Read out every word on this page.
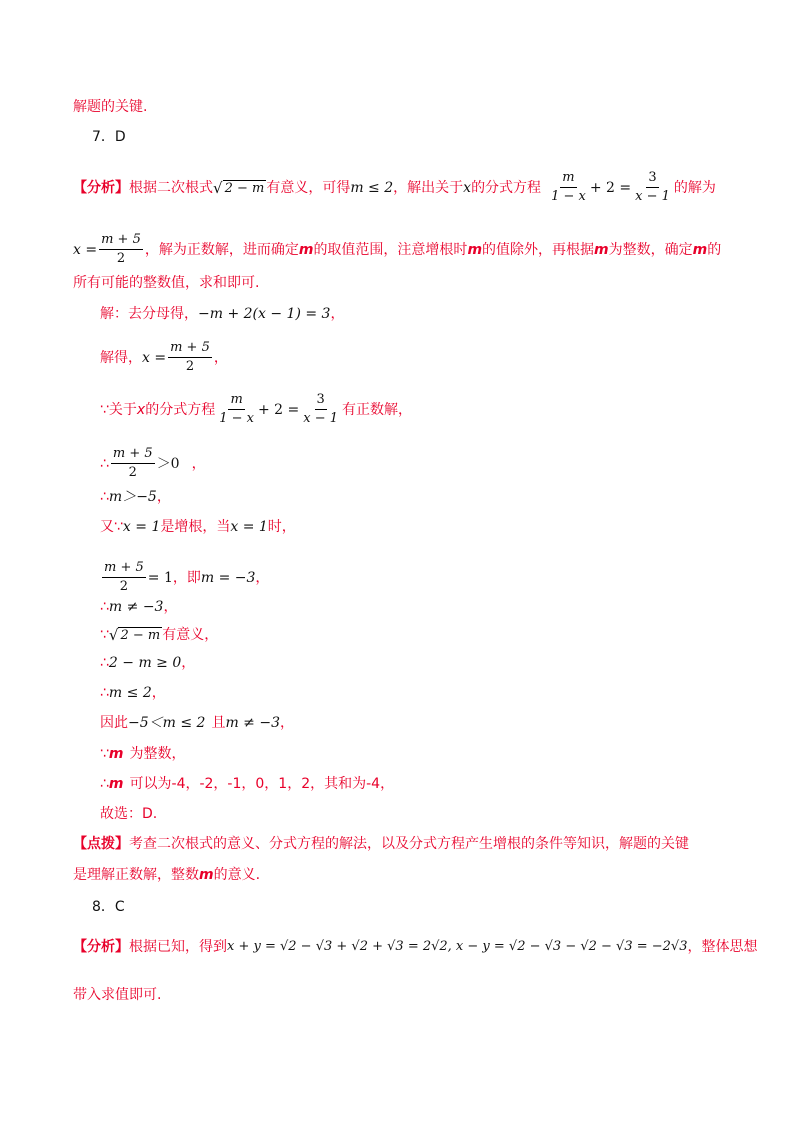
解题的关键.
7．D
【分析】 根据二次根式 √ 2 − m 有意义，可得 m ≤ 2 ，解出关于 x 的分式方程 $\frac{m}{1 - x} + 2 = \frac{3}{x - 1}$ 的解为
$x = \frac{m + 5}{2}$ ，解为正数解，进而确定 m 的取值范围，注意增根时 m 的值除外，再根据 m 为整数，确定 m 的
所有可能的整数值，求和即可.
解：去分母得， −m + 2(x − 1) = 3 ，
解得， $x = \frac{m + 5}{2}$ ，
∵关于 x 的分式方程 $\frac{m}{1 - x} + 2 = \frac{3}{x - 1}$ 有正数解，
∴ $\frac{m + 5}{2} >0$ ，
∴ m＞−5 ，
又∵ x = 1 是增根，当 x = 1 时，
$\frac{m + 5}{2} = 1$ ，即 m = −3 ，
∴ m ≠ −3 ，
∵ √ 2 − m 有意义，
∴ 2 − m ≥ 0 ，
∴ m ≤ 2 ，
因此 −5＜m ≤ 2 且 m ≠ −3 ，
∵ m 为整数，
∴ m 可以为-4，-2，-1，0，1，2，其和为-4，
故选：D.
【点拨】 考查二次根式的意义、分式方程的解法，以及分式方程产生增根的条件等知识，解题的关键
是理解正数解，整数 m 的意义.
8．C
【分析】 根据已知，得到 x + y = √2 − √3 + √2 + √3 = 2√2, x − y = √2 − √3 − √2 − √3 = −2√3 ，整体思想
带入求值即可.
